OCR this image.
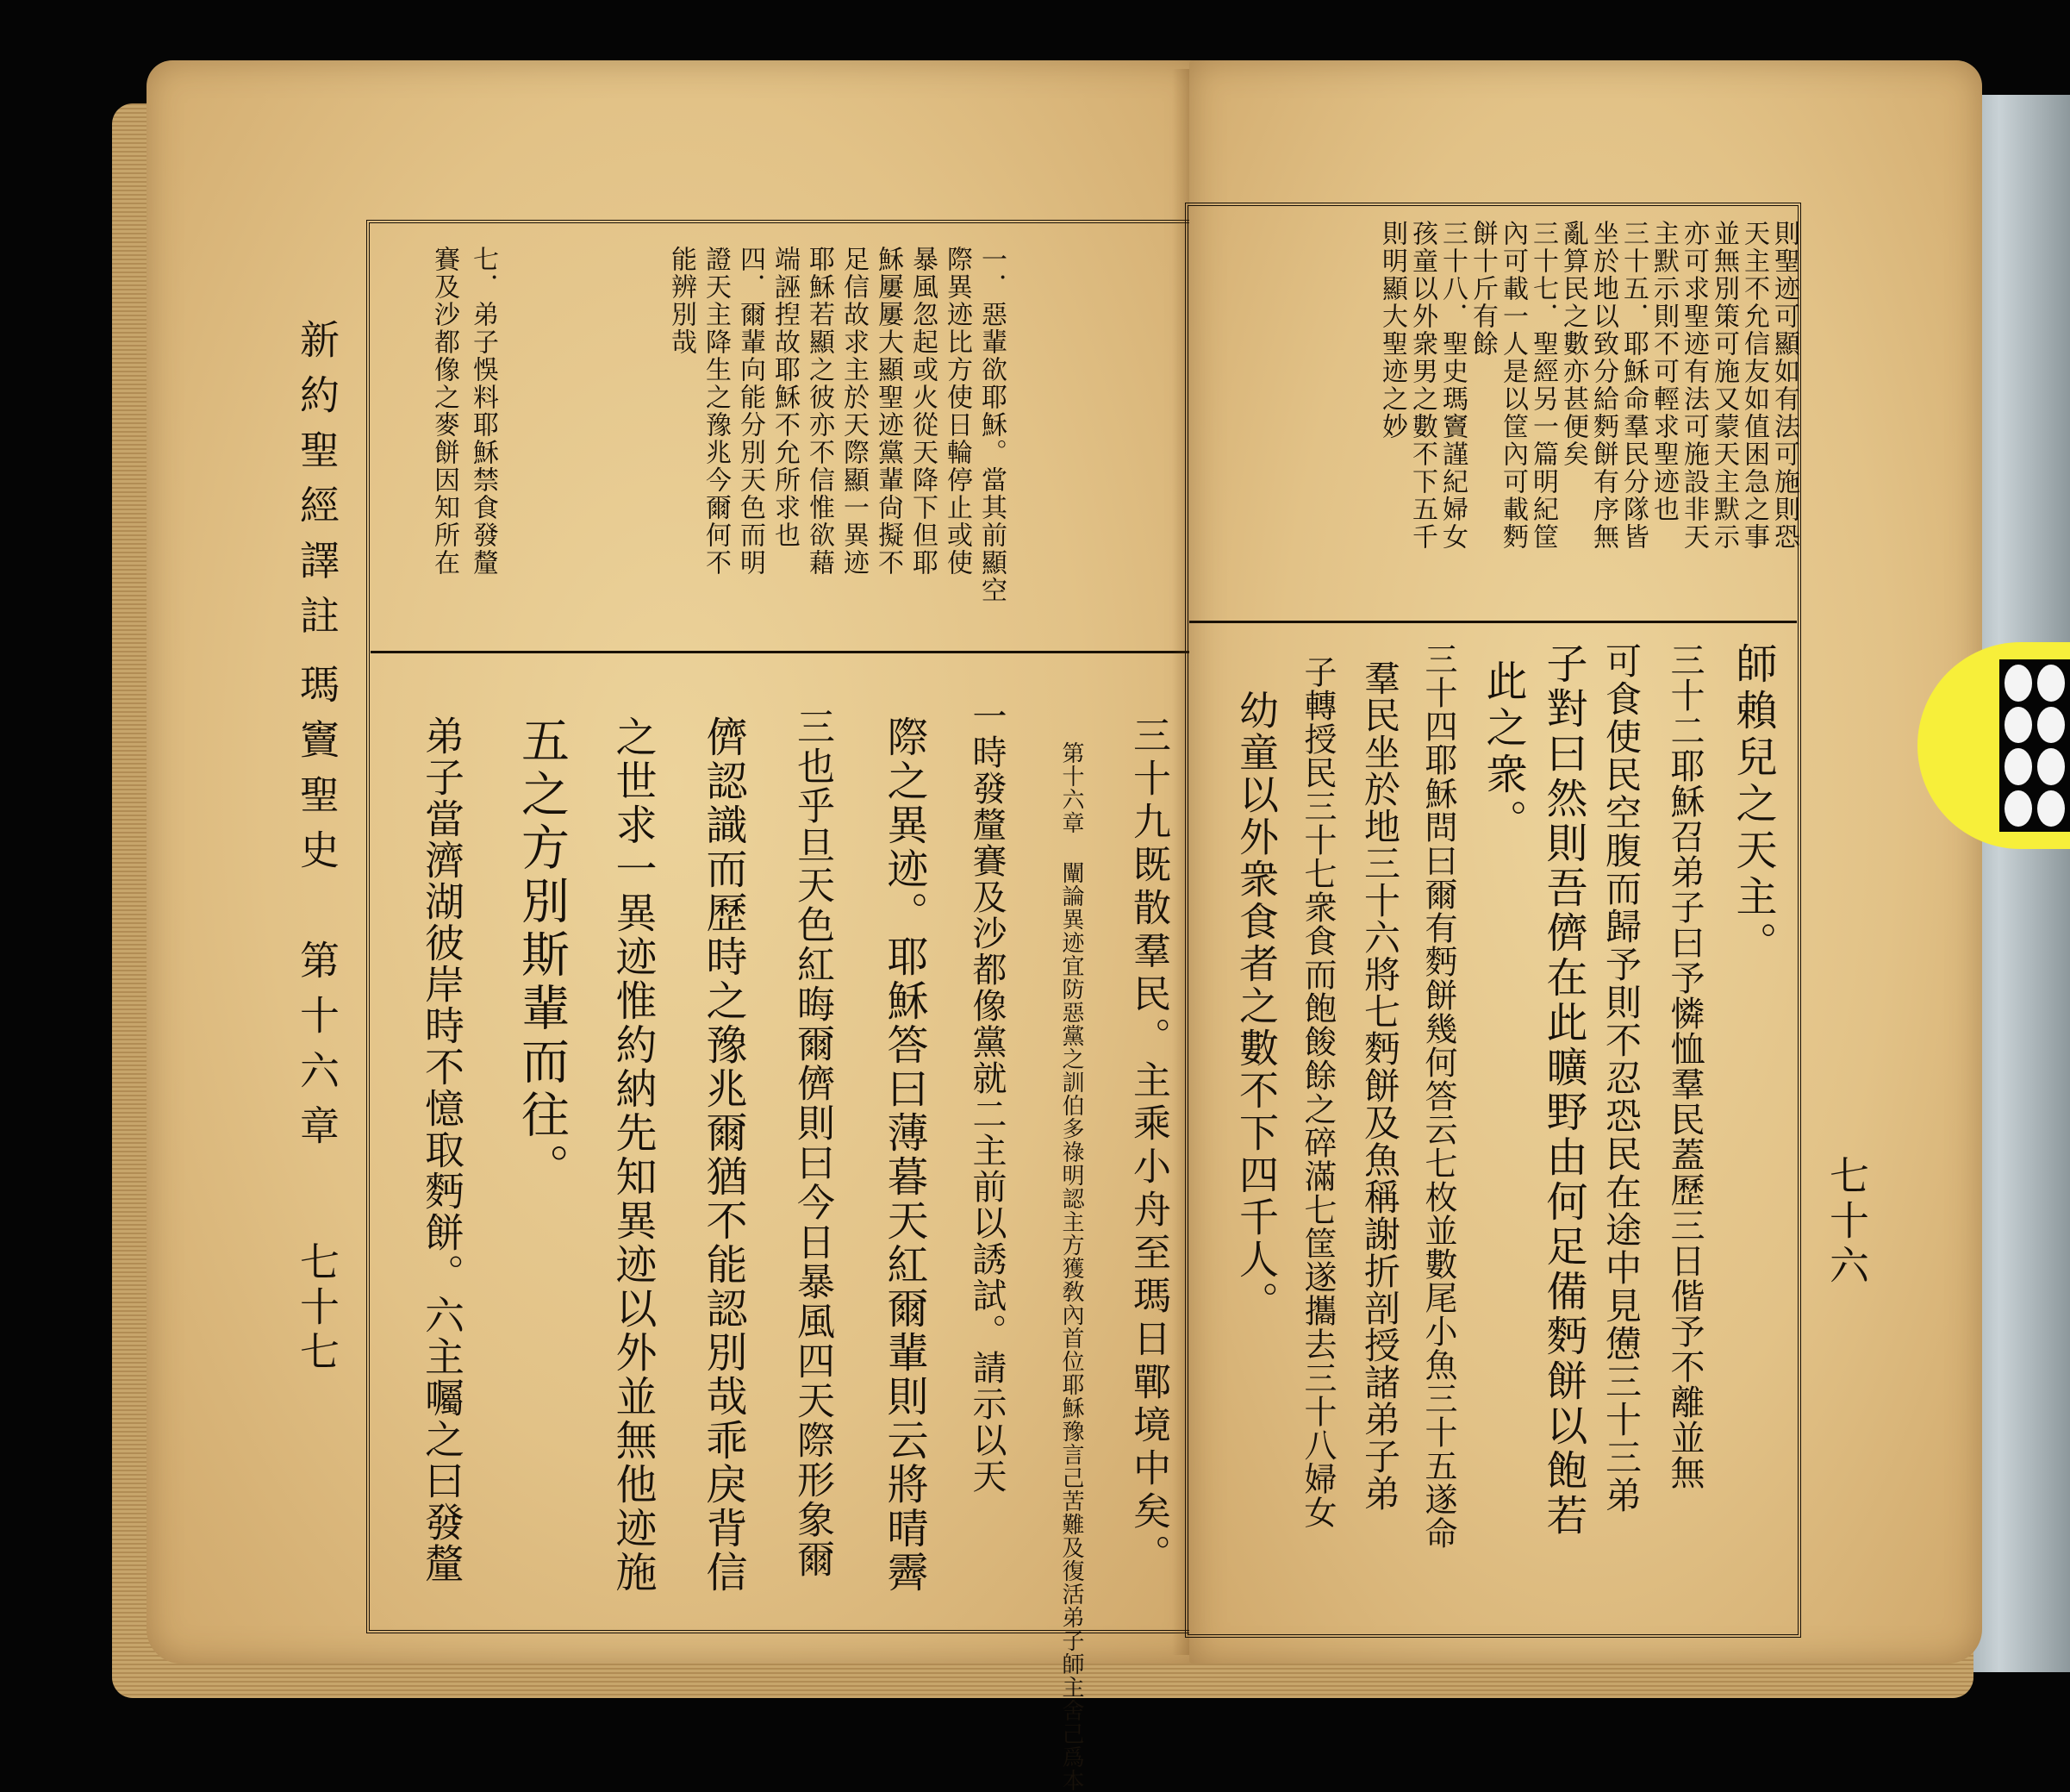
新約聖經譯註
瑪竇聖史　第十六章
七十七
一．惡輩欲耶穌。當其前顯空
際異迹比方使日輪停止或使
暴風忽起或火從天降下但耶
穌屢屢大顯聖迹黨輩尙擬不
足信故求主於天際顯一異迹
耶穌若顯之彼亦不信惟欲藉
端誣揑故耶穌不允所求也
四．爾輩向能分別天色而明
證天主降生之豫兆今爾何不
能辨別哉
七．弟子悞料耶穌禁食發釐
賽及沙都像之麥餅因知所在
三十九既散羣民。主乘小舟至瑪日鄲境中矣。
第十六章 闡論異迹宜防惡黨之訓伯多祿明認主方獲敎內首位耶穌豫言己苦難及復活弟子師主舍己爲本
一時發釐賽及沙都像黨就二主前以誘試。請示以天
際之異迹。耶穌答曰薄暮天紅爾輩則云將晴霽
三也乎旦天色紅晦爾儕則曰今日暴風四天際形象爾
儕認識而歷時之豫兆爾猶不能認別哉乖戾背信
之世求一異迹惟約納先知異迹以外並無他迹施
五之方別斯輩而往。
弟子當濟湖彼岸時不憶取麪餅。六主囑之曰發釐
則聖迹可顯如有法可施則恐
天主不允信友如值困急之事
並無別策可施又蒙天主默示
亦可求聖迹有法可施設非天
主默示則不可輕求聖迹也
三十五．耶穌命羣民分隊皆
坐於地以致分給麪餅有序無
亂算民之數亦甚便矣
三十七．聖經另一篇明紀筐
內可載一人是以筐內可載麪
餅十斤有餘
三十八．聖史瑪竇謹紀婦女
孩童以外衆男之數不下五千
則明顯大聖迹之妙
師賴兒之天主。
三十二耶穌召弟子曰予憐恤羣民蓋歷三日偕予不離並無
可食使民空腹而歸予則不忍恐民在途中見憊三十三弟
子對曰然則吾儕在此曠野由何足備麪餅以飽若
此之衆。
三十四耶穌問曰爾有麪餅幾何答云七枚並數尾小魚三十五遂命
羣民坐於地三十六將七麪餅及魚稱謝折剖授諸弟子弟
子轉授民三十七衆食而飽餕餘之碎滿七筐遂攜去三十八婦女
幼童以外衆食者之數不下四千人。	七十六
